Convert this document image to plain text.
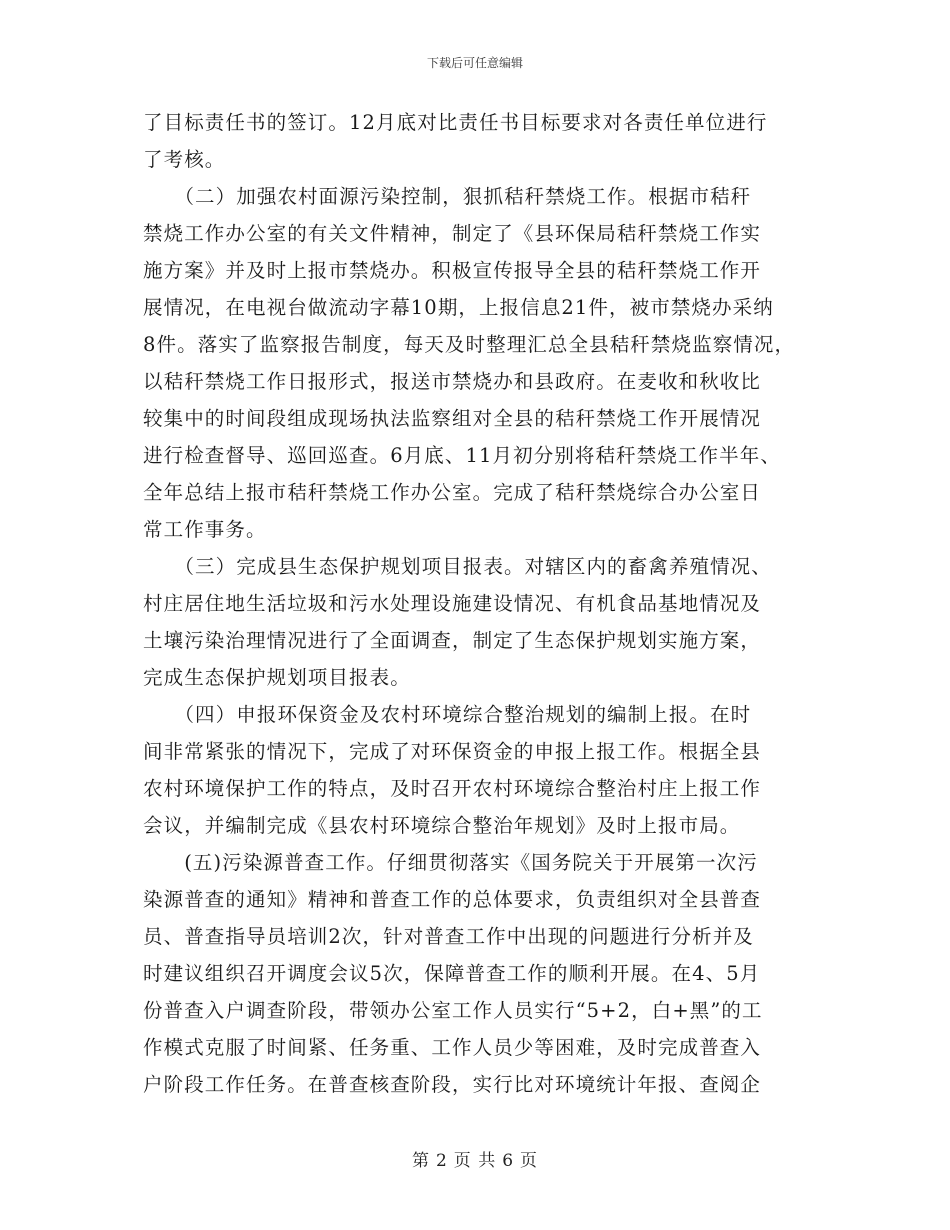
下载后可任意编辑

了目标责任书的签订。12月底对比责任书目标要求对各责任单位进行
了考核。

　　（二）加强农村面源污染控制，狠抓秸秆禁烧工作。根据市秸秆
禁烧工作办公室的有关文件精神，制定了《县环保局秸秆禁烧工作实
施方案》并及时上报市禁烧办。积极宣传报导全县的秸秆禁烧工作开
展情况，在电视台做流动字幕10期，上报信息21件，被市禁烧办采纳
8件。落实了监察报告制度，每天及时整理汇总全县秸秆禁烧监察情况，
以秸秆禁烧工作日报形式，报送市禁烧办和县政府。在麦收和秋收比
较集中的时间段组成现场执法监察组对全县的秸秆禁烧工作开展情况
进行检查督导、巡回巡查。6月底、11月初分别将秸秆禁烧工作半年、
全年总结上报市秸秆禁烧工作办公室。完成了秸秆禁烧综合办公室日
常工作事务。

　　（三）完成县生态保护规划项目报表。对辖区内的畜禽养殖情况、
村庄居住地生活垃圾和污水处理设施建设情况、有机食品基地情况及
土壤污染治理情况进行了全面调查，制定了生态保护规划实施方案，
完成生态保护规划项目报表。

　　（四）申报环保资金及农村环境综合整治规划的编制上报。在时
间非常紧张的情况下，完成了对环保资金的申报上报工作。根据全县
农村环境保护工作的特点，及时召开农村环境综合整治村庄上报工作
会议，并编制完成《县农村环境综合整治年规划》及时上报市局。

　　(五)污染源普查工作。仔细贯彻落实《国务院关于开展第一次污
染源普查的通知》精神和普查工作的总体要求，负责组织对全县普查
员、普查指导员培训2次，针对普查工作中出现的问题进行分析并及
时建议组织召开调度会议5次，保障普查工作的顺利开展。在4、5月
份普查入户调查阶段，带领办公室工作人员实行“5+2，白+黑”的工
作模式克服了时间紧、任务重、工作人员少等困难，及时完成普查入
户阶段工作任务。在普查核查阶段，实行比对环境统计年报、查阅企

第 2 页 共 6 页
